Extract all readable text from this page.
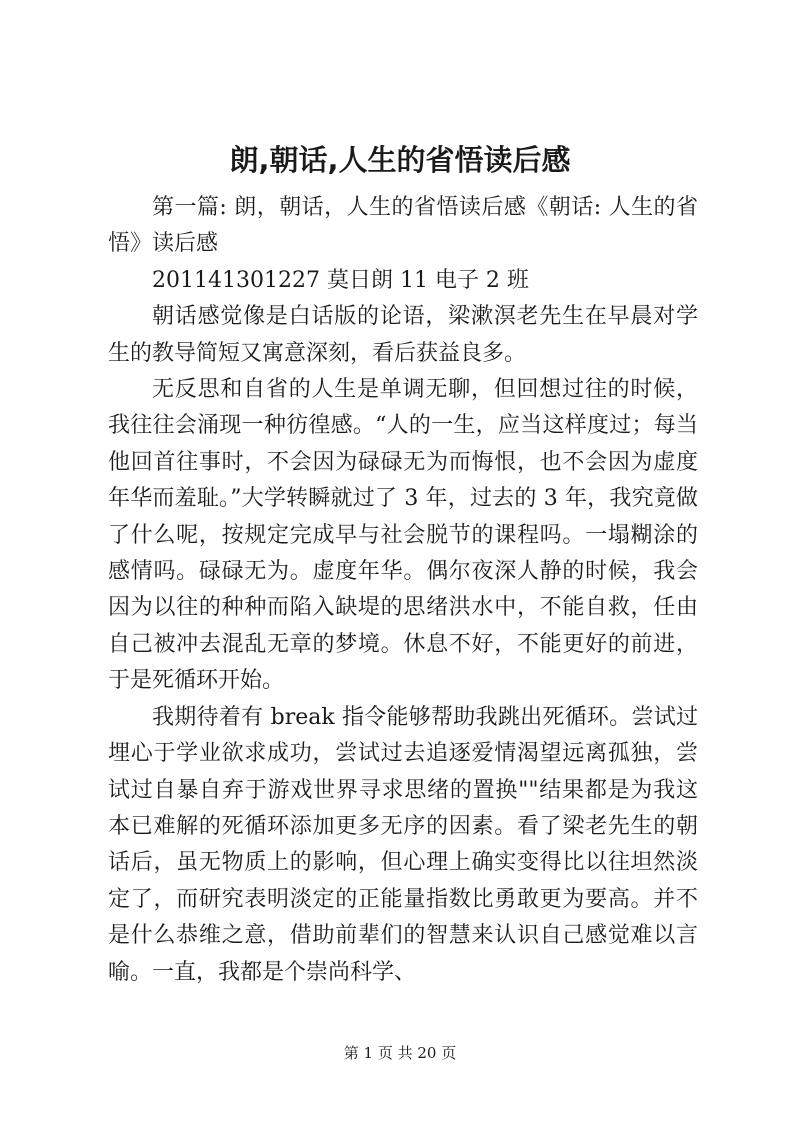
朗,朝话,人生的省悟读后感

第一篇: 朗，朝话，人生的省悟读后感《朝话: 人生的省悟》读后感

201141301227 莫日朗 11 电子 2 班

朝话感觉像是白话版的论语，梁漱溟老先生在早晨对学生的教导简短又寓意深刻，看后获益良多。

无反思和自省的人生是单调无聊，但回想过往的时候，我往往会涌现一种彷徨感。“人的一生，应当这样度过；每当他回首往事时，不会因为碌碌无为而悔恨，也不会因为虚度年华而羞耻。”大学转瞬就过了 3 年，过去的 3 年，我究竟做了什么呢，按规定完成早与社会脱节的课程吗。一塌糊涂的感情吗。碌碌无为。虚度年华。偶尔夜深人静的时候，我会因为以往的种种而陷入缺堤的思绪洪水中，不能自救，任由自己被冲去混乱无章的梦境。休息不好，不能更好的前进，于是死循环开始。

我期待着有 break 指令能够帮助我跳出死循环。尝试过埋心于学业欲求成功，尝试过去追逐爱情渴望远离孤独，尝试过自暴自弃于游戏世界寻求思绪的置换""结果都是为我这本已难解的死循环添加更多无序的因素。看了梁老先生的朝话后，虽无物质上的影响，但心理上确实变得比以往坦然淡定了，而研究表明淡定的正能量指数比勇敢更为要高。并不是什么恭维之意，借助前辈们的智慧来认识自己感觉难以言喻。一直，我都是个崇尚科学、

第 1 页 共 20 页
